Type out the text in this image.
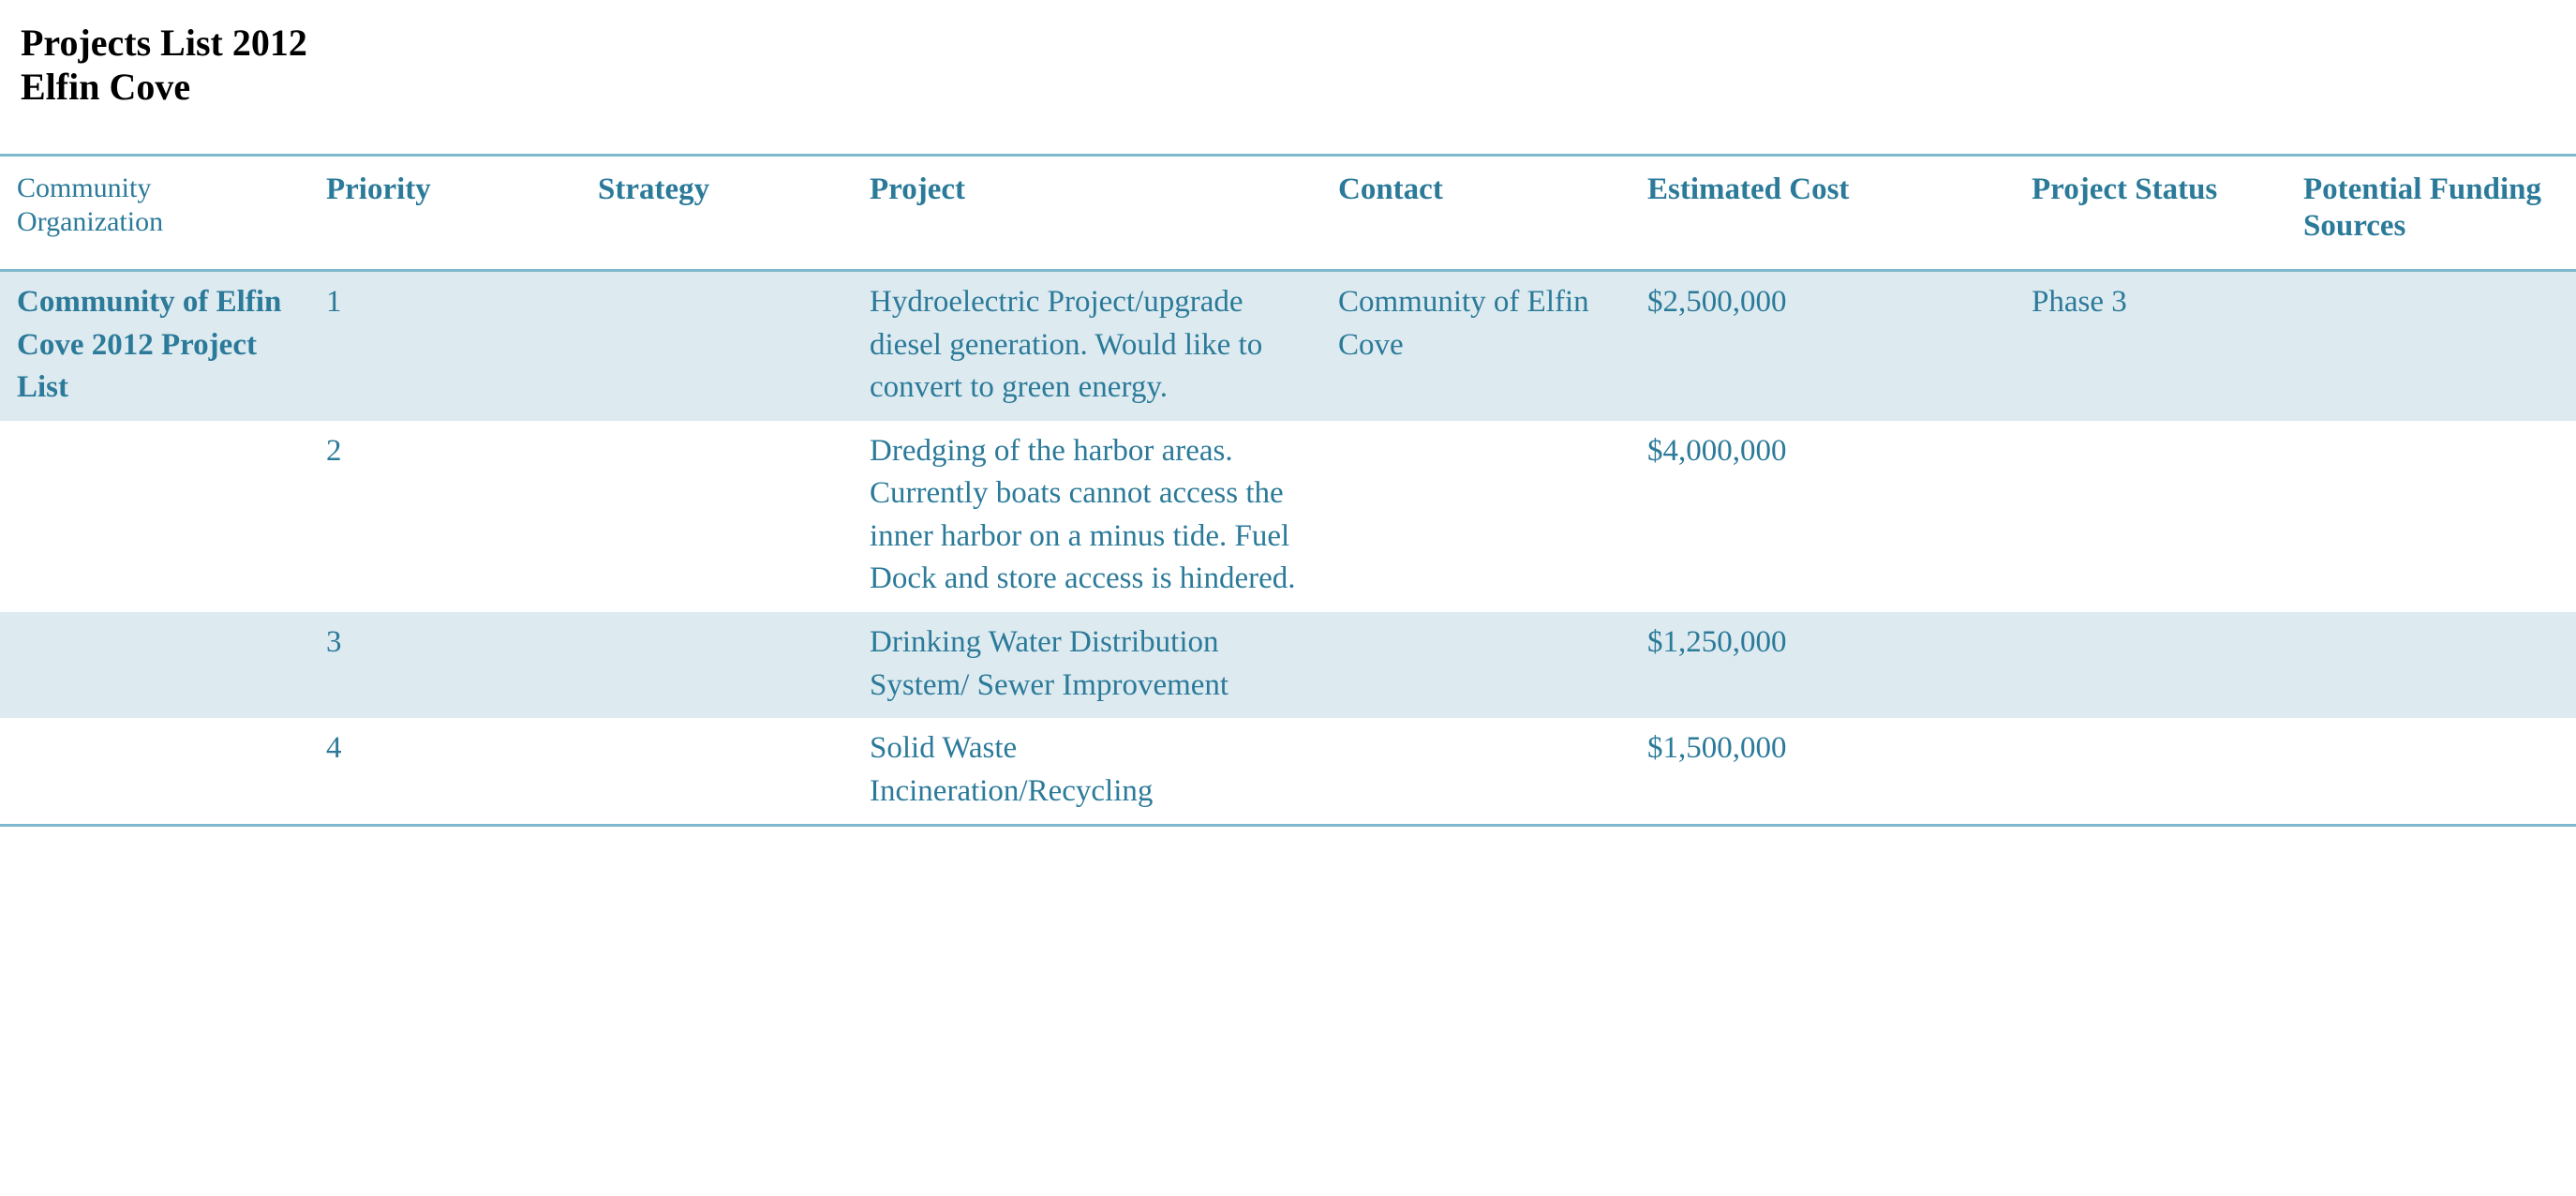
Projects List 2012
Elfin Cove
Community Organization	Priority	Strategy	Project	Contact	Estimated Cost	Project Status	Potential Funding Sources
Community of Elfin Cove 2012 Project List	1		Hydroelectric Project/upgrade diesel generation. Would like to convert to green energy.	Community of Elfin Cove	$2,500,000	Phase 3	
	2		Dredging of the harbor areas. Currently boats cannot access the inner harbor on a minus tide. Fuel Dock and store access is hindered.		$4,000,000		
	3		Drinking Water Distribution System/ Sewer Improvement		$1,250,000		
	4		Solid Waste Incineration/Recycling		$1,500,000		
